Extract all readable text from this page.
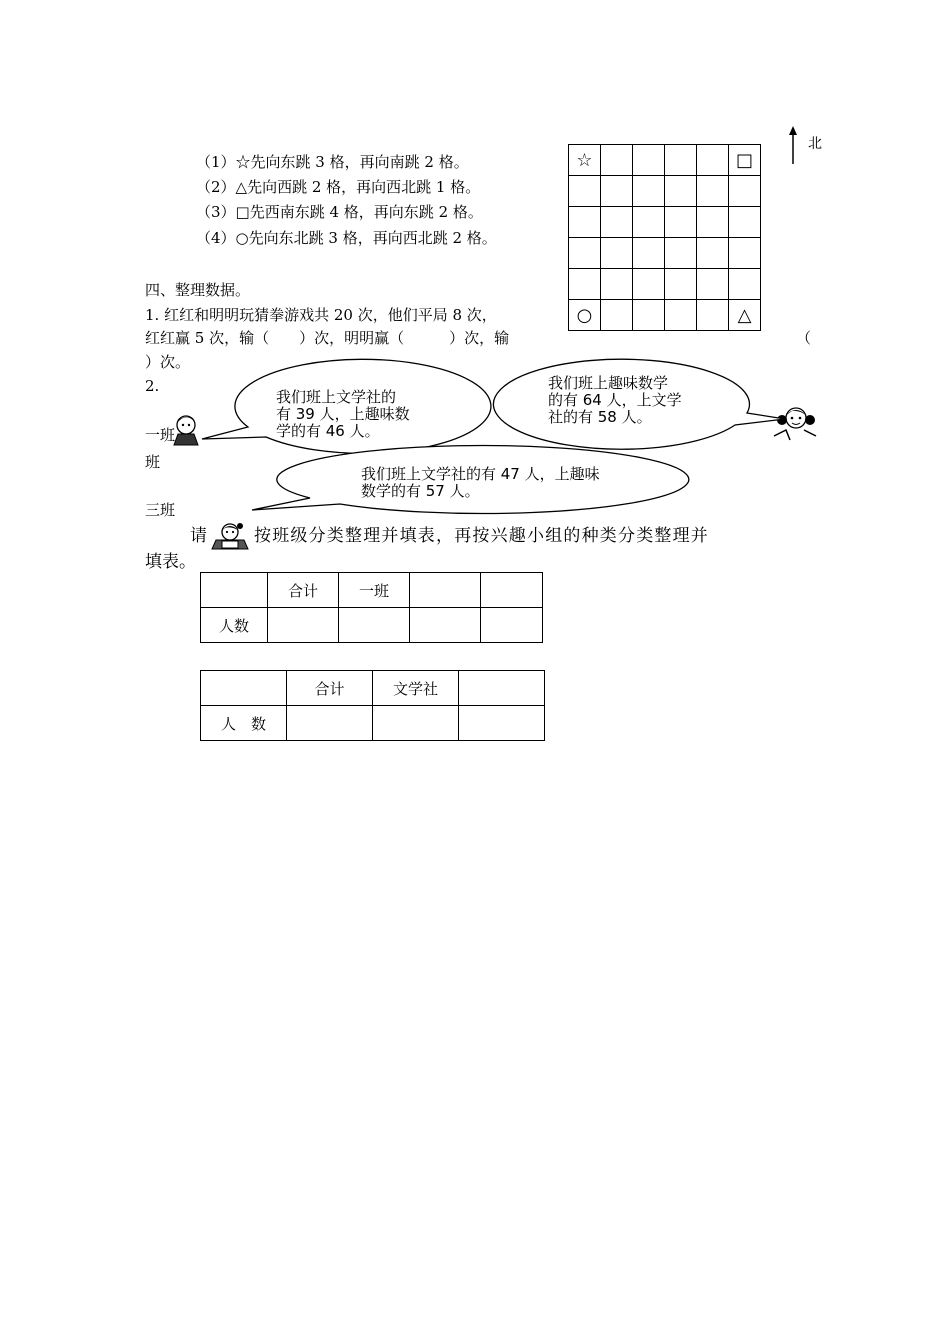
（1）☆先向东跳 3 格，再向南跳 2 格。
（2）△先向西跳 2 格，再向西北跳 1 格。
（3）□先西南东跳 4 格，再向东跳 2 格。
（4）○先向东北跳 3 格，再向西北跳 2 格。
☆					□

○					△
北
四、整理数据。
1. 红红和明明玩猜拳游戏共 20 次，他们平局 8 次，
红红赢 5 次，输（　　）次，明明赢（　　　）次，输	（
）次。
2.
一班
班
三班
我们班上文学社的
有 39 人，上趣味数
学的有 46 人。
我们班上趣味数学
的有 64 人，上文学
社的有 58 人。
我们班上文学社的有 47 人，上趣味
数学的有 57 人。
请	按班级分类整理并填表，再按兴趣小组的种类分类整理并
填表。
	合计	一班		
人数				
	合计	文学社	
人　数			
